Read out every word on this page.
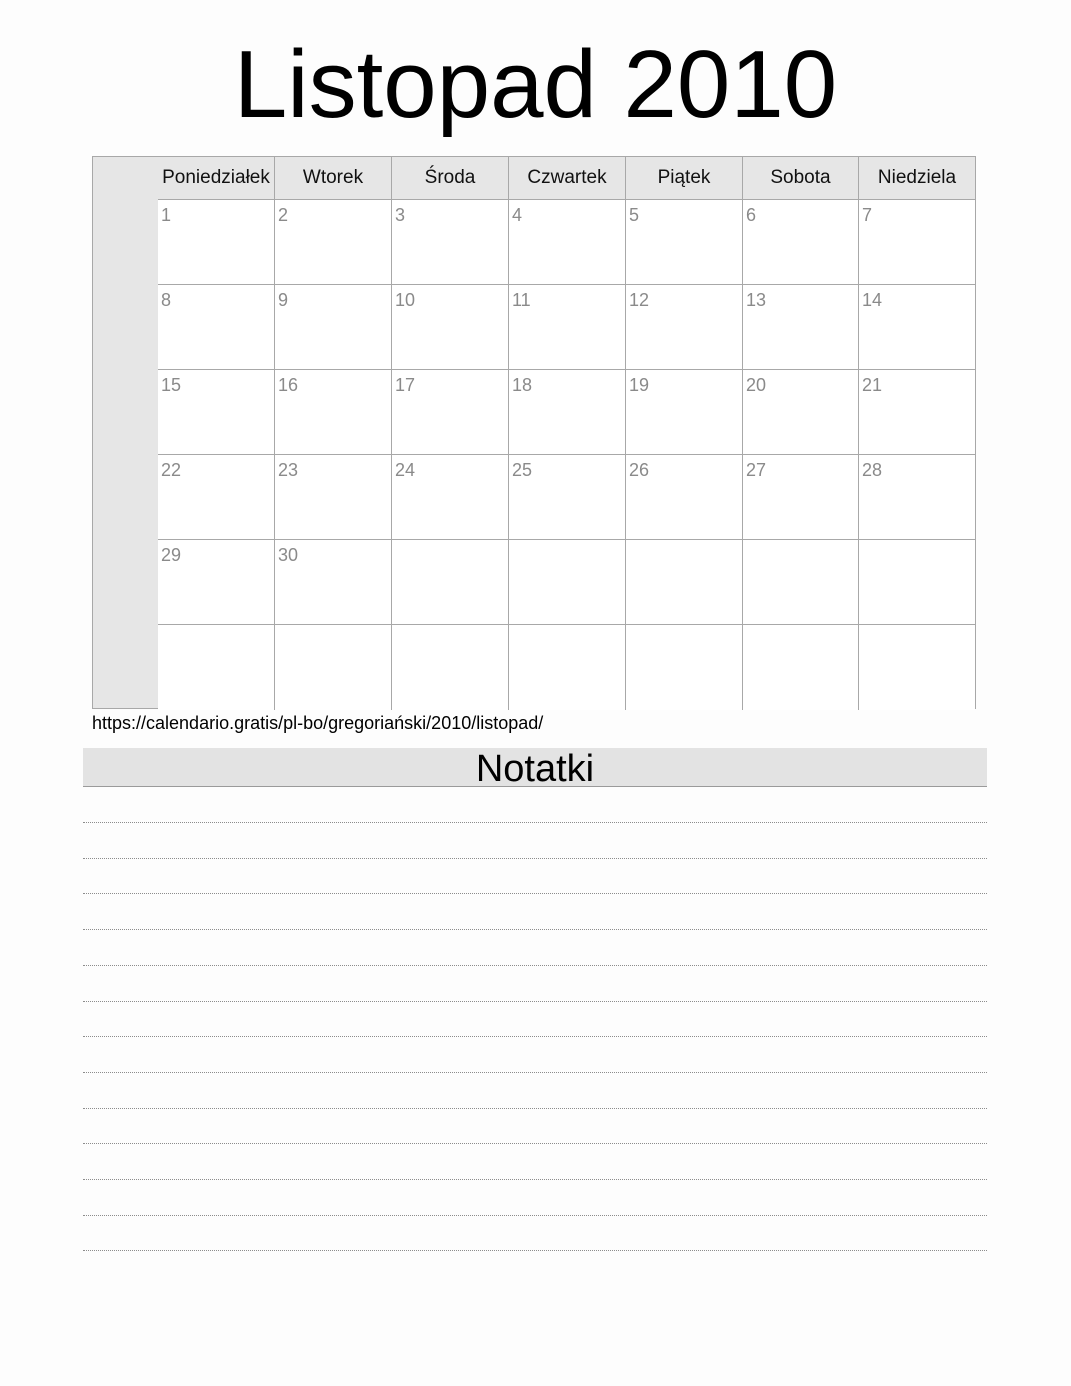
Listopad 2010
Poniedziałek	Wtorek	Środa	Czwartek	Piątek	Sobota	Niedziela
1	2	3	4	5	6	7
8	9	10	11	12	13	14
15	16	17	18	19	20	21
22	23	24	25	26	27	28
29	30
https://calendario.gratis/pl-bo/gregoriański/2010/listopad/
Notatki
